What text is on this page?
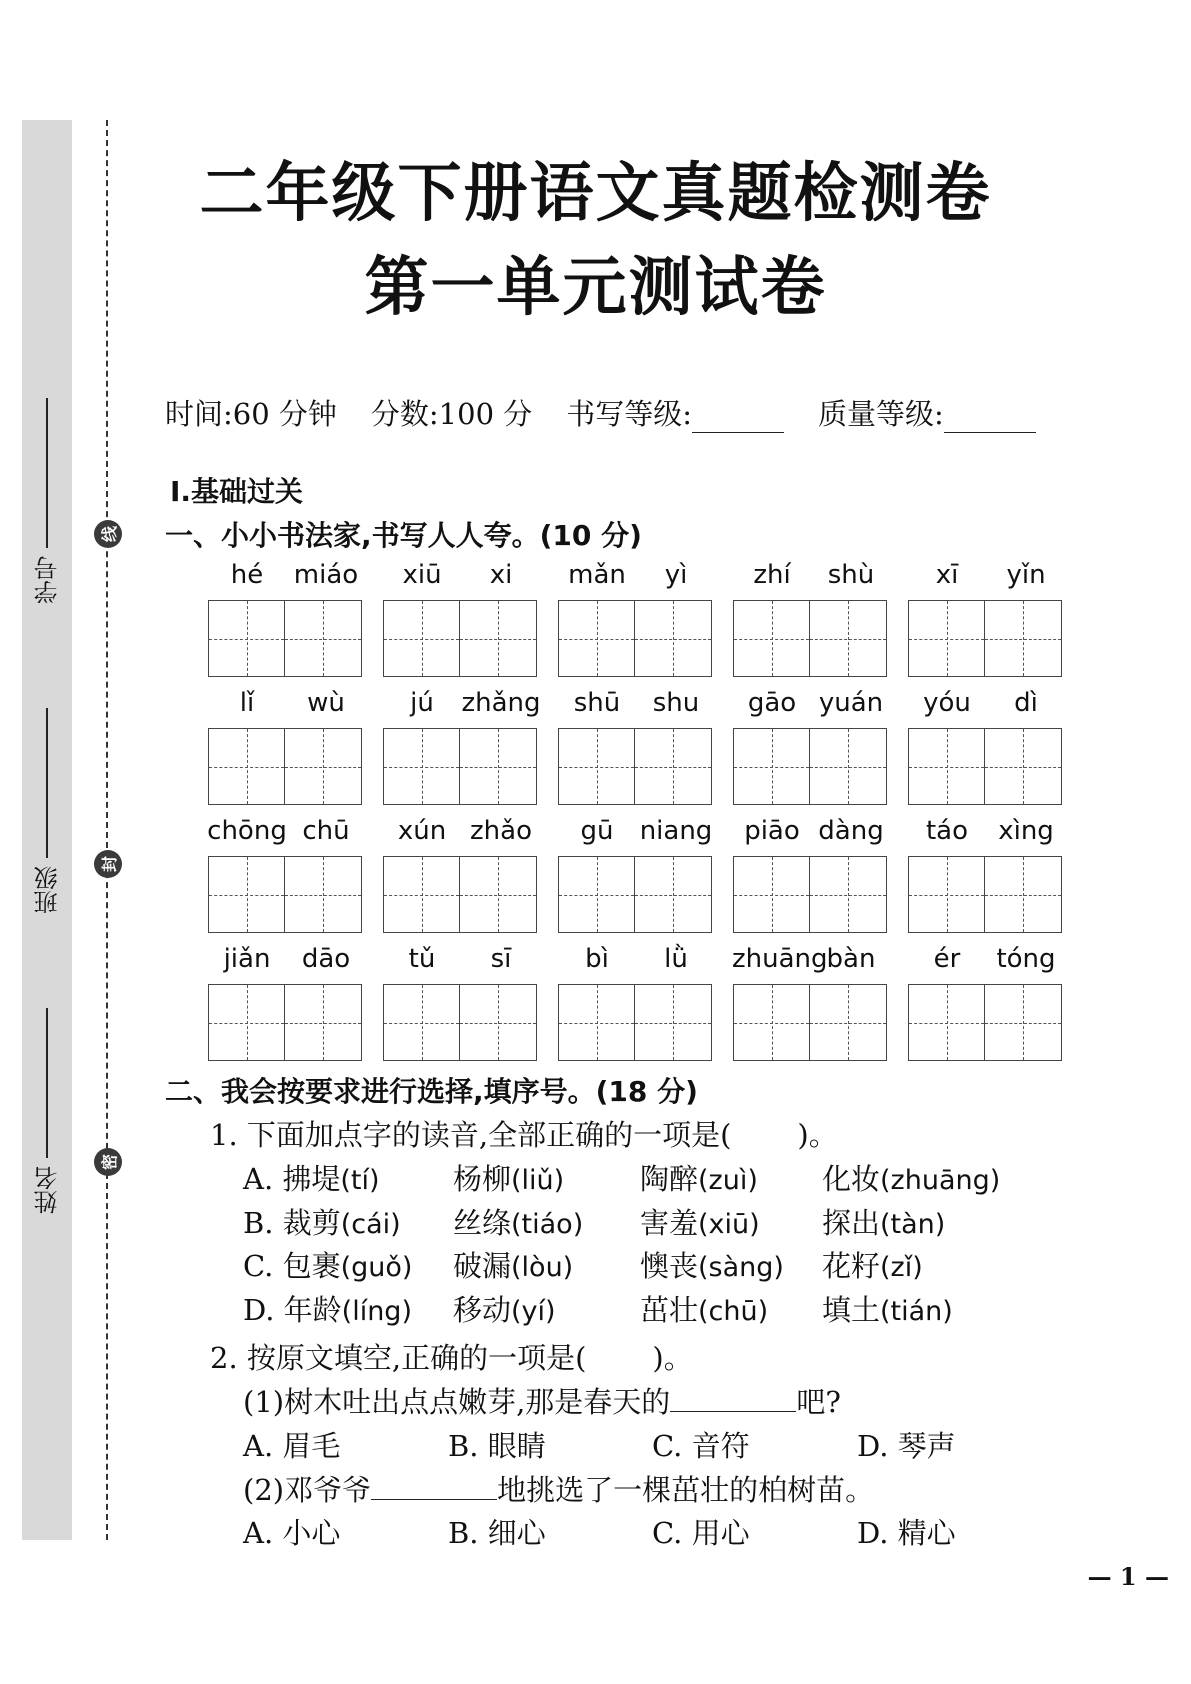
线
封
密
学号
班级
姓名
二年级下册语文真题检测卷
第一单元测试卷
时间:60 分钟 分数:100 分 书写等级:	质量等级:
Ⅰ.基础过关
一、小小书法家,书写人人夸。(10 分)
hé	miáo	xiū	xi	mǎn	yì	zhí	shù	xī	yǐn
lǐ	wù	jú	zhǎng	shū	shu	gāo yuán	yóu	dì
chōng chū	xún zhǎo	gū	niang	piāo dàng	táo	xìng
jiǎn	dāo	tǔ	sī	bì	lǜ	zhuāng bàn	ér	tóng
二、我会按要求进行选择,填序号。(18 分)
1. 下面加点字的读音,全部正确的一项是( )。
A. 拂堤(tí)	杨柳(liǔ)	陶醉(zuì) 化妆(zhuāng)
B. 裁剪(cái) 丝绦(tiáo) 害羞(xiū) 探出(tàn)
C. 包裹(guǒ) 破漏(lòu) 懊丧(sàng) 花籽(zǐ)
D. 年龄(líng) 移动(yí)	茁壮(chū) 填土(tián)
2. 按原文填空,正确的一项是( )。
(1)树木吐出点点嫩芽,那是春天的	吧?
A. 眉毛	B. 眼睛	C. 音符	D. 琴声
(2)邓爷爷	地挑选了一棵茁壮的柏树苗。
A. 小心	B. 细心	C. 用心	D. 精心
— 1 —
